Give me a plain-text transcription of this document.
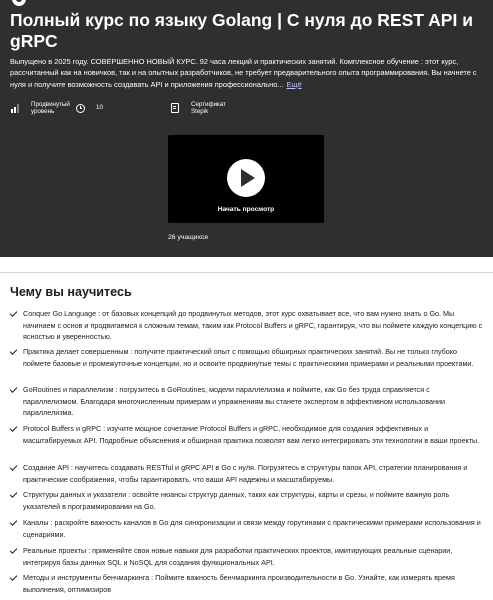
Полный курс по языку Golang | С нуля до REST API и gRPC

Выпущено в 2025 году. СОВЕРШЕННО НОВЫЙ КУРС. 92 часа лекций и практических занятий. Комплексное обучение : этот курс, рассчитанный как на новичков, так и на опытных разработчиков, не требует предварительного опыта программирования. Вы начнете с нуля и получите возможность создавать API и приложения профессионально... Ещё

Продвинутый
уровень
10	Сертификат
Stepik
Начать просмотр
26 учащихся
Чему вы научитесь
Conquer Go Language : от базовых концепций до продвинутых методов, этот курс охватывает все, что вам нужно знать о Go. Мы начинаем с основ и продвигаемся к сложным темам, таким как Protocol Buffers и gRPC, гарантируя, что вы поймете каждую концепцию с ясностью и уверенностью.
Практика делает совершенным : получите практический опыт с помощью обширных практических занятий. Вы не только глубоко поймете базовые и промежуточные концепции, но и освоите продвинутые темы с практическими примерами и реальными проектами.
GoRoutines и параллелизм : погрузитесь в GoRoutines, модели параллелизма и поймите, как Go без труда справляется с параллелизмом. Благодаря многочисленным примерам и упражнениям вы станете экспертом в эффективном использовании параллелизма.
Protocol Buffers и gRPC : изучите мощное сочетание Protocol Buffers и gRPC, необходимое для создания эффективных и масштабируемых API. Подробные объяснения и обширная практика позволят вам легко интегрировать эти технологии в ваши проекты.
Создание API : научитесь создавать RESTful и gRPC API в Go с нуля. Погрузитесь в структуры папок API, стратегии планирования и практические соображения, чтобы гарантировать, что ваши API надежны и масштабируемы.
Структуры данных и указатели : освойте нюансы структур данных, таких как структуры, карты и срезы, и поймите важную роль указателей в программировании на Go.
Каналы : раскройте важность каналов в Go для синхронизации и связи между горутинами с практическими примерами использования и сценариями.
Реальные проекты : применяйте свои новые навыки для разработки практических проектов, имитирующих реальные сценарии, интегрируя базы данных SQL и NoSQL для создания функциональных API.
Методы и инструменты бенчмаркинга : Поймите важность бенчмаркинга производительности в Go. Узнайте, как измерять время выполнения, оптимизиров
